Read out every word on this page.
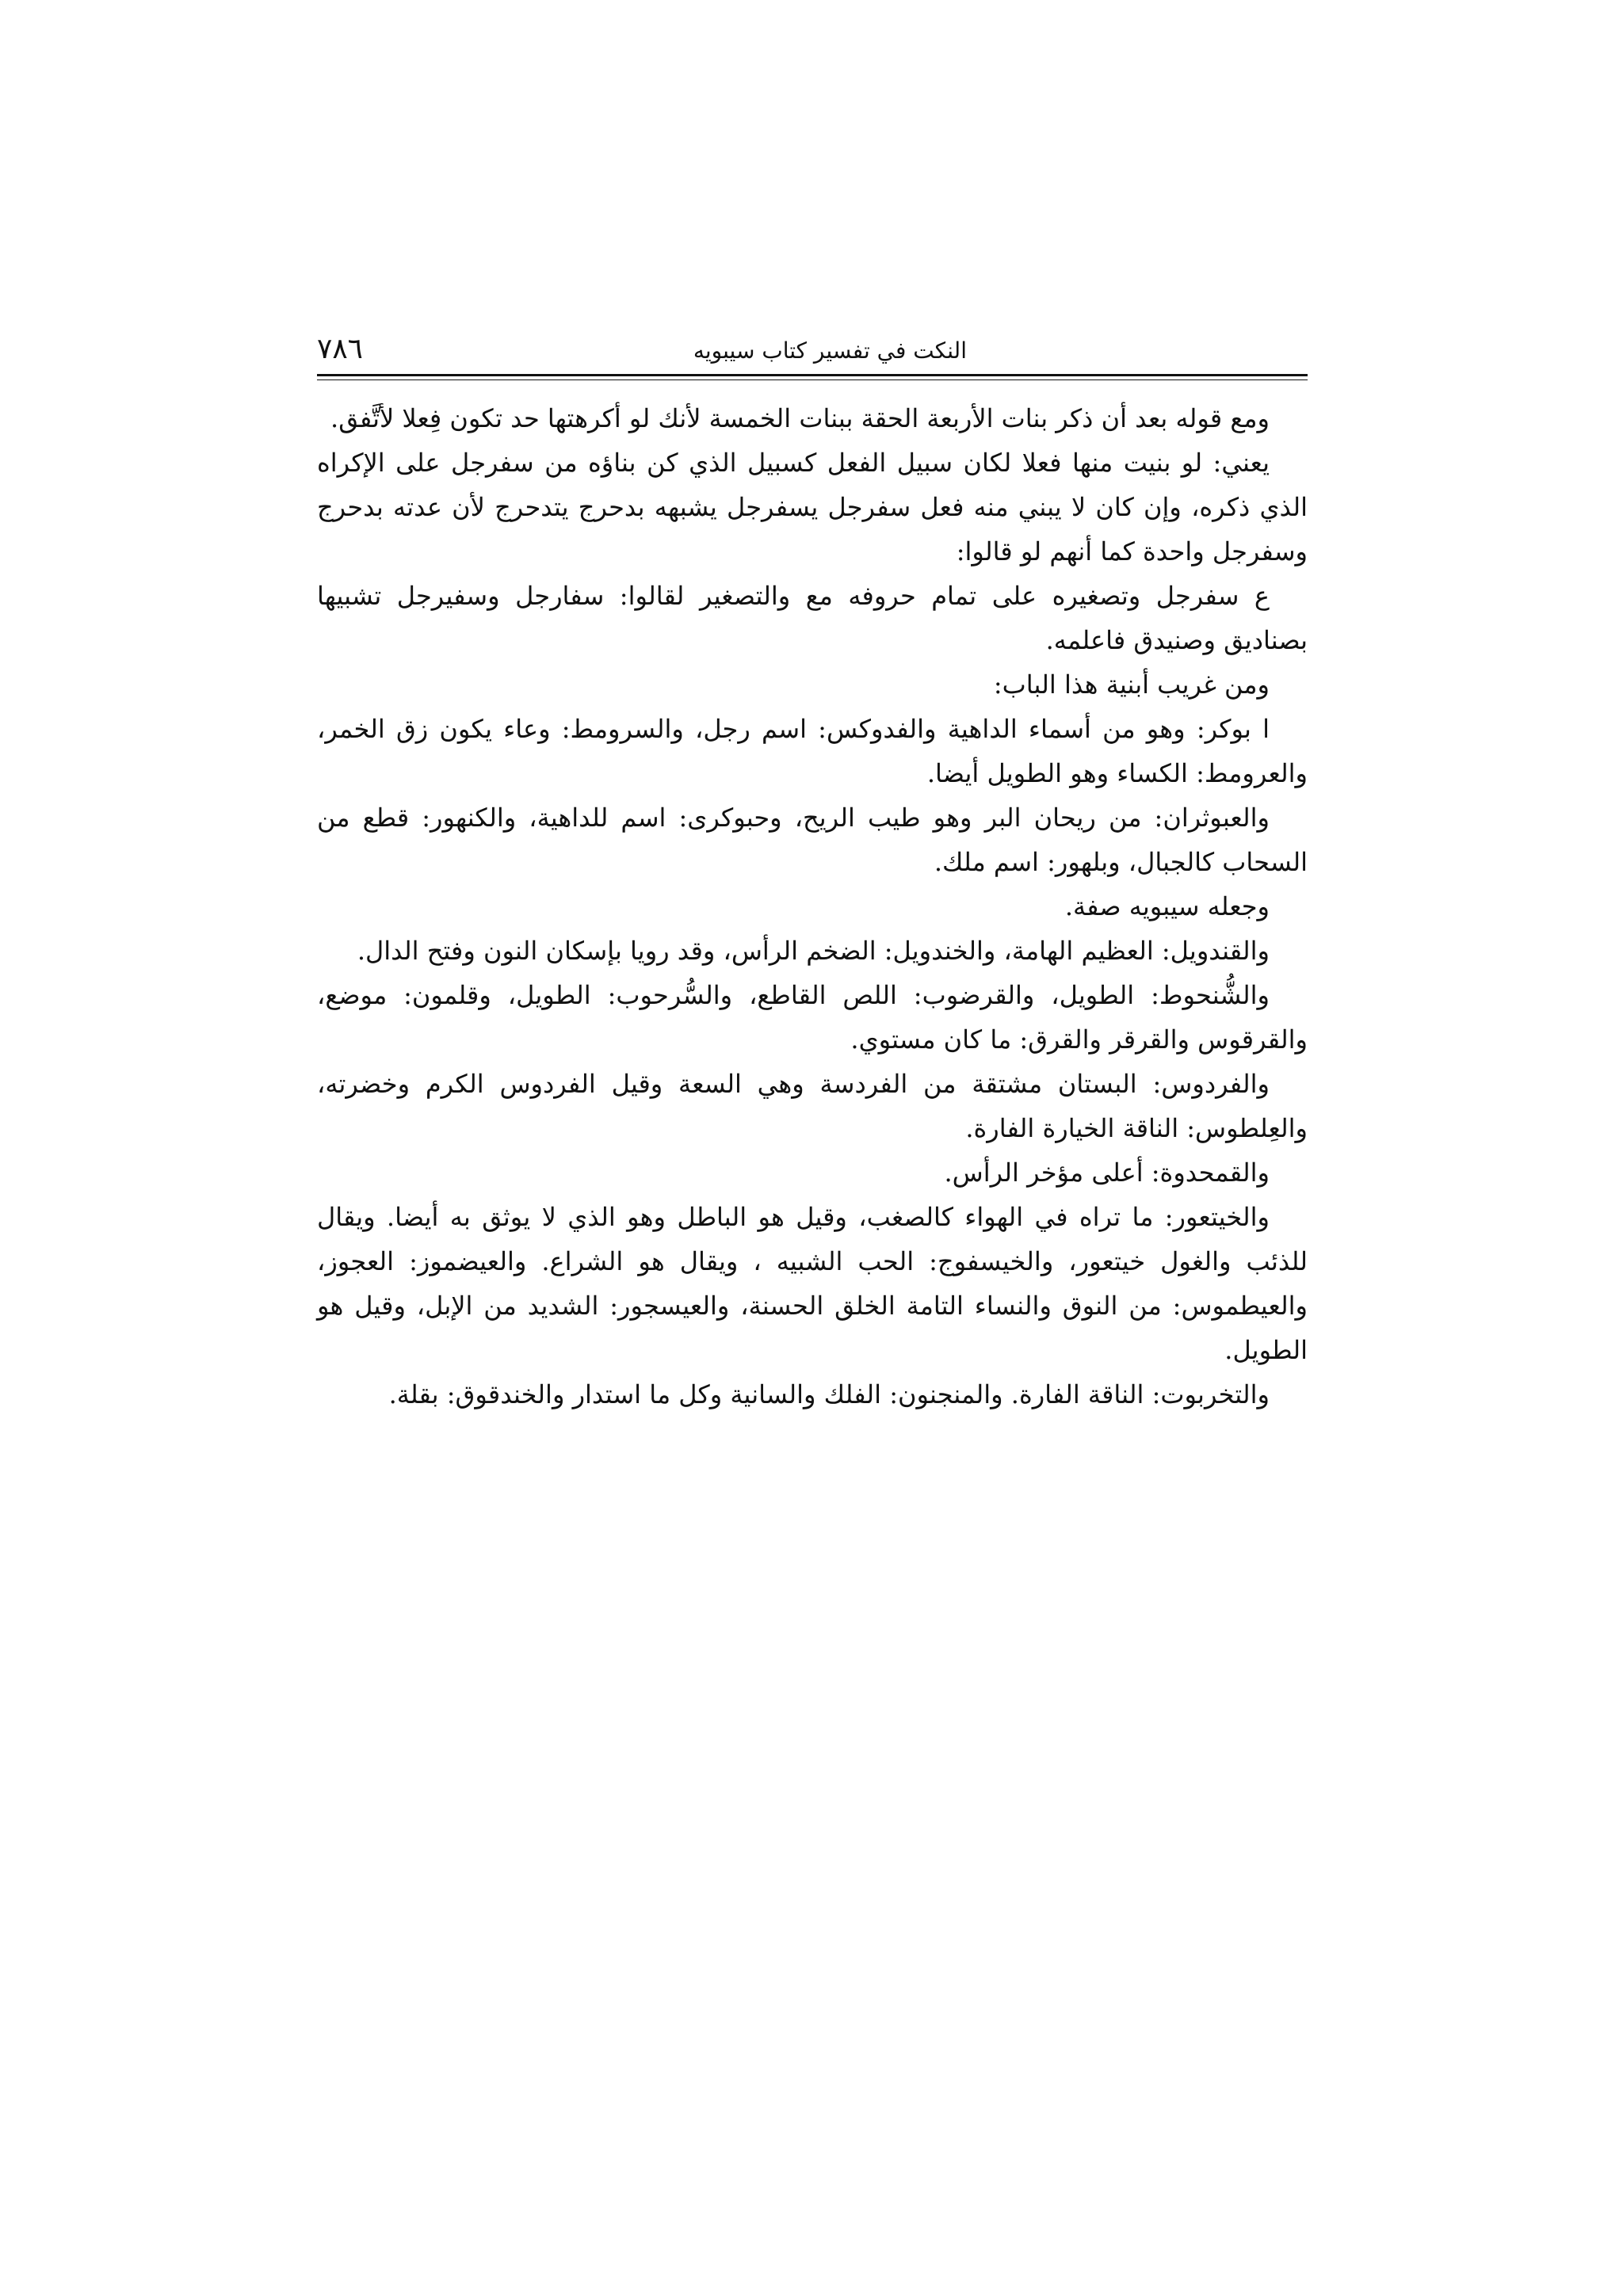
النكت في تفسير كتاب سيبويه
٧٨٦

ومع قوله بعد أن ذكر بنات الأربعة الحقة ببنات الخمسة لأنك لو أكرهتها حد تكون فِعلا لأتَّفق.

يعني: لو بنيت منها فعلا لكان سبيل الفعل كسبيل الذي كن بناؤه من سفرجل على الإكراه الذي ذكره، وإن كان لا يبني منه فعل سفرجل يسفرجل يشبهه بدحرج يتدحرج لأن عدته بدحرج وسفرجل واحدة كما أنهم لو قالوا:

ع سفرجل وتصغيره على تمام حروفه مع والتصغير لقالوا: سفارجل وسفيرجل تشبيها بصناديق وصنيدق فاعلمه.

ومن غريب أبنية هذا الباب:

ا بوكر: وهو من أسماء الداهية والفدوكس: اسم رجل، والسرومط: وعاء يكون زق الخمر، والعرومط: الكساء وهو الطويل أيضا.

والعبوثران: من ريحان البر وهو طيب الريح، وحبوكرى: اسم للداهية، والكنهور: قطع من السحاب كالجبال، وبلهور: اسم ملك.

وجعله سيبويه صفة.

والقندويل: العظيم الهامة، والخندويل: الضخم الرأس، وقد رويا بإسكان النون وفتح الدال.

والشُّنحوط: الطويل، والقرضوب: اللص القاطع، والسُّرحوب: الطويل، وقلمون: موضع، والقرقوس والقرقر والقرق: ما كان مستوي.

والفردوس: البستان مشتقة من الفردسة وهي السعة وقيل الفردوس الكرم وخضرته، والعِلطوس: الناقة الخيارة الفارة.

والقمحدوة: أعلى مؤخر الرأس.

والخيتعور: ما تراه في الهواء كالصغب، وقيل هو الباطل وهو الذي لا يوثق به أيضا. ويقال للذئب والغول خيتعور، والخيسفوج: الحب الشبيه ، ويقال هو الشراع. والعيضموز: العجوز، والعيطموس: من النوق والنساء التامة الخلق الحسنة، والعيسجور: الشديد من الإبل، وقيل هو الطويل.

والتخربوت: الناقة الفارة. والمنجنون: الفلك والسانية وكل ما استدار والخندقوق: بقلة.
